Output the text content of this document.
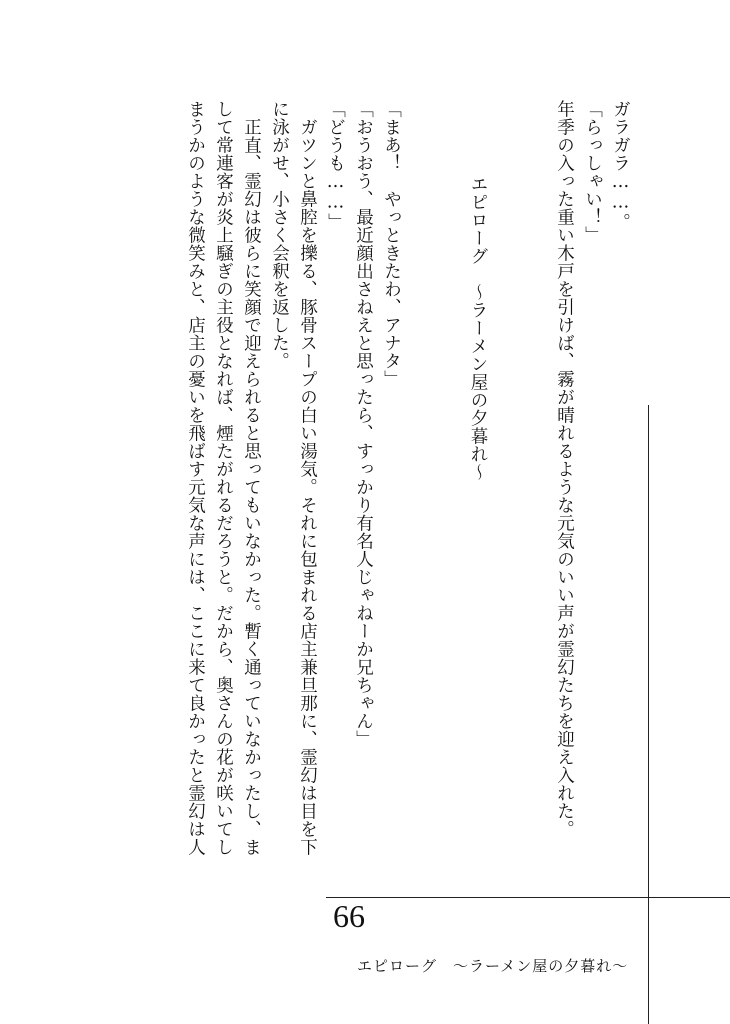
ガラガラ……。
「らっしゃい！」
年季の入った重い木戸を引けば、霧が晴れるような元気のいい声が霊幻たちを迎え入れた。
エピローグ　～ラーメン屋の夕暮れ～
「まあ！　やっときたわ、アナタ」
「おうおう、最近顔出さねえと思ったら、すっかり有名人じゃねーか兄ちゃん」
「どうも……」
ガツンと鼻腔を擽る、豚骨スープの白い湯気。それに包まれる店主兼旦那に、霊幻は目を下
に泳がせ、小さく会釈を返した。
正直、霊幻は彼らに笑顔で迎えられると思ってもいなかった。暫く通っていなかったし、ま
して常連客が炎上騒ぎの主役となれば、煙たがれるだろうと。だから、奥さんの花が咲いてし
まうかのような微笑みと、店主の憂いを飛ばす元気な声には、ここに来て良かったと霊幻は人
66
エピローグ　～ラーメン屋の夕暮れ～
